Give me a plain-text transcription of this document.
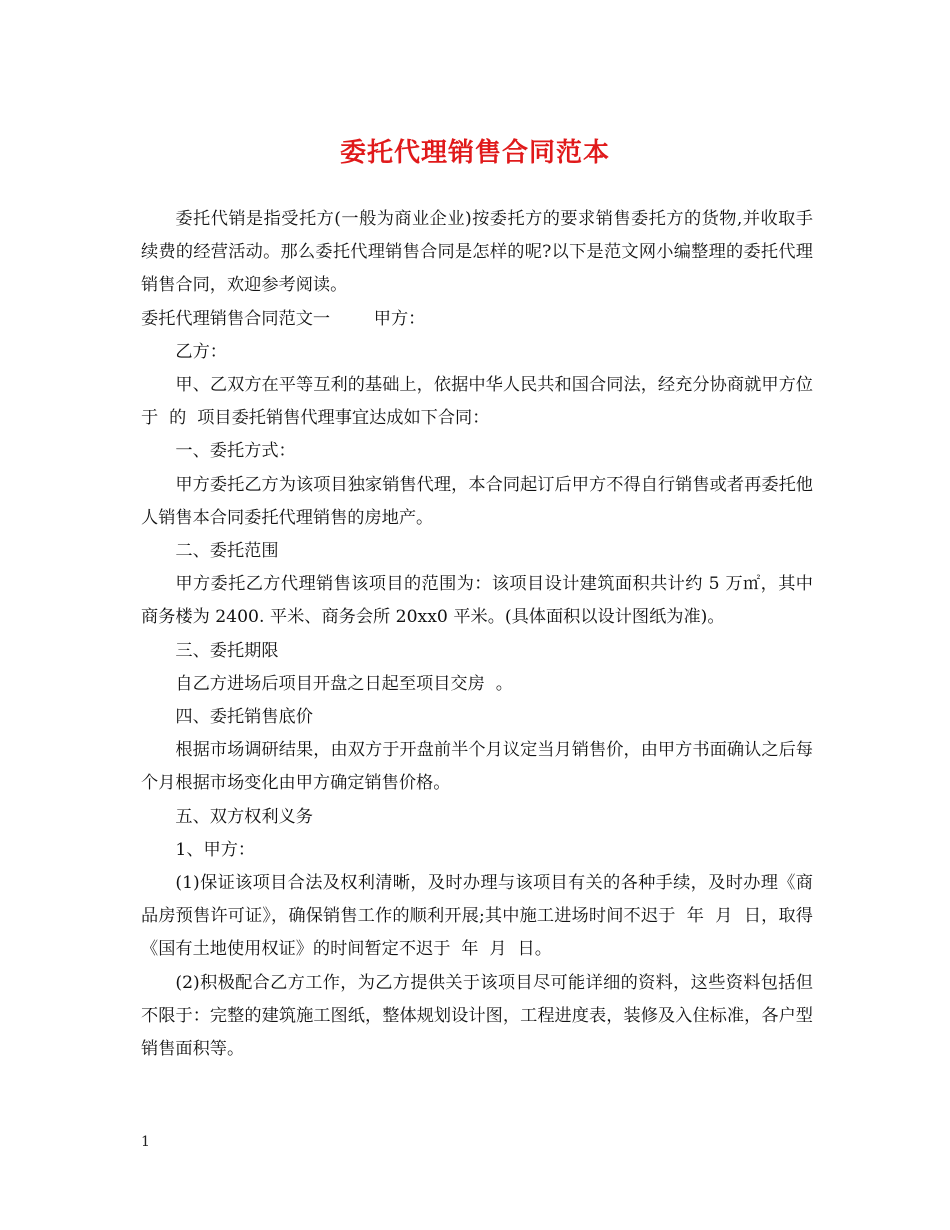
委托代理销售合同范本

委托代销是指受托方(一般为商业企业)按委托方的要求销售委托方的货物,并收取手续费的经营活动。那么委托代理销售合同是怎样的呢?以下是范文网小编整理的委托代理销售合同，欢迎参考阅读。

委托代理销售合同范文一        甲方：

乙方：

甲、乙双方在平等互利的基础上，依据中华人民共和国合同法，经充分协商就甲方位于  的  项目委托销售代理事宜达成如下合同：

一、委托方式：

甲方委托乙方为该项目独家销售代理，本合同起订后甲方不得自行销售或者再委托他人销售本合同委托代理销售的房地产。

二、委托范围

甲方委托乙方代理销售该项目的范围为：该项目设计建筑面积共计约 5 万㎡，其中商务楼为 2400. 平米、商务会所 20xx0 平米。(具体面积以设计图纸为准)。

三、委托期限

自乙方进场后项目开盘之日起至项目交房  。

四、委托销售底价

根据市场调研结果，由双方于开盘前半个月议定当月销售价，由甲方书面确认之后每个月根据市场变化由甲方确定销售价格。

五、双方权利义务

1、甲方：

(1)保证该项目合法及权利清晰，及时办理与该项目有关的各种手续，及时办理《商品房预售许可证》，确保销售工作的顺利开展;其中施工进场时间不迟于  年  月  日，取得《国有土地使用权证》的时间暂定不迟于  年  月  日。

(2)积极配合乙方工作，为乙方提供关于该项目尽可能详细的资料，这些资料包括但不限于：完整的建筑施工图纸，整体规划设计图，工程进度表，装修及入住标准，各户型销售面积等。

1
